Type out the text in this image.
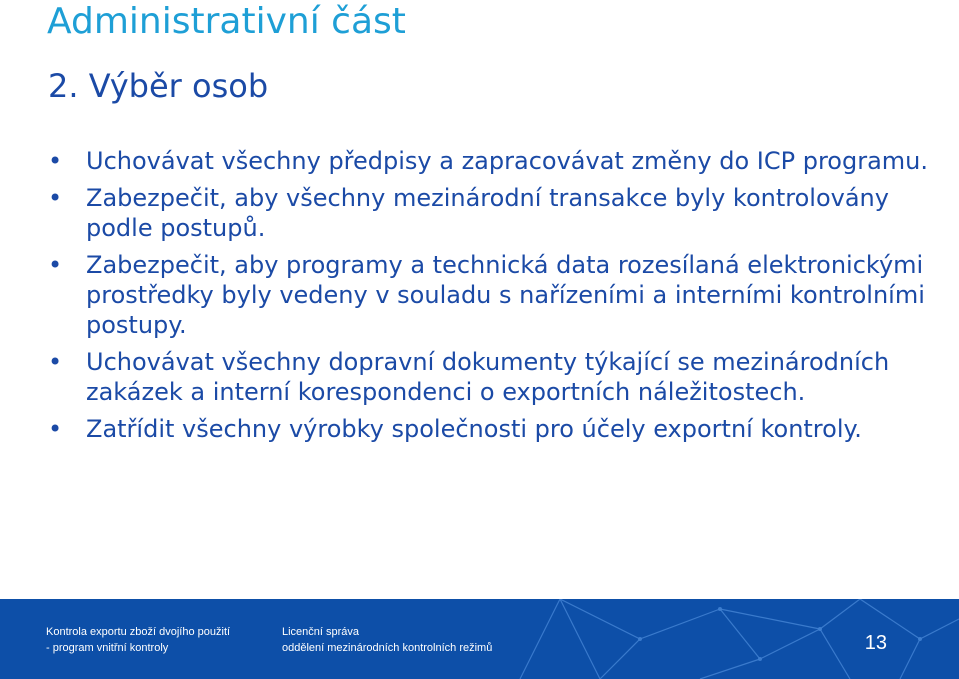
Administrativní část
2. Výběr osob
• Uchovávat všechny předpisy a zapracovávat změny do ICP programu.
• Zabezpečit, aby všechny mezinárodní transakce byly kontrolovány podle postupů.
• Zabezpečit, aby programy a technická data rozesílaná elektronickými prostředky byly vedeny v souladu s nařízeními a interními kontrolními postupy.
• Uchovávat všechny dopravní dokumenty týkající se mezinárodních zakázek a interní korespondenci o exportních náležitostech.
• Zatřídit všechny výrobky společnosti pro účely exportní kontroly.
Kontrola exportu zboží dvojího použití
- program vnitřní kontroly
Licenční správa
oddělení mezinárodních kontrolních režimů	13
